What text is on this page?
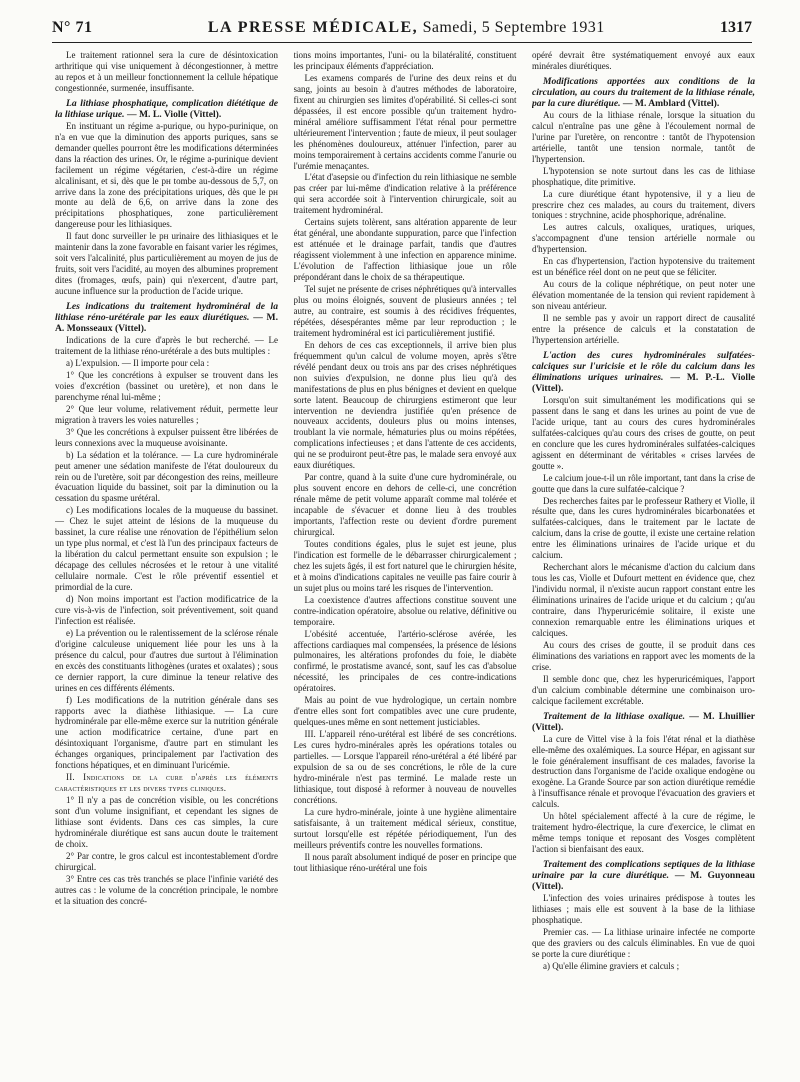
N° 71	LA PRESSE MÉDICALE, Samedi, 5 Septembre 1931	1317

Le traitement rationnel sera la cure de désintoxication arthritique qui vise uniquement à décongestionner, à mettre au repos et à un meilleur fonctionnement la cellule hépatique congestionnée, surmenée, insuffisante.

La lithiase phosphatique, complication diététique de la lithiase urique. — M. L. Violle (Vittel).

En instituant un régime a-purique, ou hypo-purinique, on n'a en vue que la diminution des apports puriques, sans se demander quelles pourront être les modifications déterminées dans la réaction des urines. Or, le régime a-purinique devient facilement un régime végétarien, c'est-à-dire un régime alcalinisant, et si, dès que le pн tombe au-dessous de 5,7, on arrive dans la zone des précipitations uriques, dès que le pн monte au delà de 6,6, on arrive dans la zone des précipitations phosphatiques, zone particulièrement dangereuse pour les lithiasiques.

Il faut donc surveiller le pн urinaire des lithiasiques et le maintenir dans la zone favorable en faisant varier les régimes, soit vers l'alcalinité, plus particulièrement au moyen de jus de fruits, soit vers l'acidité, au moyen des albumines proprement dites (fromages, œufs, pain) qui n'exercent, d'autre part, aucune influence sur la production de l'acide urique.

Les indications du traitement hydrominéral de la lithiase réno-urétérale par les eaux diurétiques. — M. A. Monsseaux (Vittel).

Indications de la cure d'après le but recherché. — Le traitement de la lithiase réno-urétérale a des buts multiples :

a) L'expulsion. — Il importe pour cela :

1° Que les concrétions à expulser se trouvent dans les voies d'excrétion (bassinet ou uretère), et non dans le parenchyme rénal lui-même ;

2° Que leur volume, relativement réduit, permette leur migration à travers les voies naturelles ;

3° Que les concrétions à expulser puissent être libérées de leurs connexions avec la muqueuse avoisinante.

b) La sédation et la tolérance. — La cure hydrominérale peut amener une sédation manifeste de l'état douloureux du rein ou de l'uretère, soit par décongestion des reins, meilleure évacuation liquide du bassinet, soit par la diminution ou la cessation du spasme urétéral.

c) Les modifications locales de la muqueuse du bassinet. — Chez le sujet atteint de lésions de la muqueuse du bassinet, la cure réalise une rénovation de l'épithélium selon un type plus normal, et c'est là l'un des principaux facteurs de la libération du calcul permettant ensuite son expulsion ; le décapage des cellules nécrosées et le retour à une vitalité cellulaire normale. C'est le rôle préventif essentiel et primordial de la cure.

d) Non moins important est l'action modificatrice de la cure vis-à-vis de l'infection, soit préventivement, soit quand l'infection est réalisée.

e) La prévention ou le ralentissement de la sclérose rénale d'origine calculeuse uniquement liée pour les uns à la présence du calcul, pour d'autres due surtout à l'élimination en excès des constituants lithogènes (urates et oxalates) ; sous ce dernier rapport, la cure diminue la teneur relative des urines en ces différents éléments.

f) Les modifications de la nutrition générale dans ses rapports avec la diathèse lithiasique. — La cure hydrominérale par elle-même exerce sur la nutrition générale une action modificatrice certaine, d'une part en désintoxiquant l'organisme, d'autre part en stimulant les échanges organiques, principalement par l'activation des fonctions hépatiques, et en diminuant l'uricémie.

II. Indications de la cure d'après les éléments caractéristiques et les divers types cliniques.

1° Il n'y a pas de concrétion visible, ou les concrétions sont d'un volume insignifiant, et cependant les signes de lithiase sont évidents. Dans ces cas simples, la cure hydrominérale diurétique est sans aucun doute le traitement de choix.

2° Par contre, le gros calcul est incontestablement d'ordre chirurgical.

3° Entre ces cas très tranchés se place l'infinie variété des autres cas : le volume de la concrétion principale, le nombre et la situation des concré-

tions moins importantes, l'uni- ou la bilatéralité, constituent les principaux éléments d'appréciation.

Les examens comparés de l'urine des deux reins et du sang, joints au besoin à d'autres méthodes de laboratoire, fixent au chirurgien ses limites d'opérabilité. Si celles-ci sont dépassées, il est encore possible qu'un traitement hydro-minéral améliore suffisamment l'état rénal pour permettre ultérieurement l'intervention ; faute de mieux, il peut soulager les phénomènes douloureux, atténuer l'infection, parer au moins temporairement à certains accidents comme l'anurie ou l'urémie menaçantes.

L'état d'asepsie ou d'infection du rein lithiasique ne semble pas créer par lui-même d'indication relative à la préférence qui sera accordée soit à l'intervention chirurgicale, soit au traitement hydrominéral.

Certains sujets tolèrent, sans altération apparente de leur état général, une abondante suppuration, parce que l'infection est atténuée et le drainage parfait, tandis que d'autres réagissent violemment à une infection en apparence minime. L'évolution de l'affection lithiasique joue un rôle prépondérant dans le choix de sa thérapeutique.

Tel sujet ne présente de crises néphrétiques qu'à intervalles plus ou moins éloignés, souvent de plusieurs années ; tel autre, au contraire, est soumis à des récidives fréquentes, répétées, désespérantes même par leur reproduction ; le traitement hydrominéral est ici particulièrement justifié.

En dehors de ces cas exceptionnels, il arrive bien plus fréquemment qu'un calcul de volume moyen, après s'être révélé pendant deux ou trois ans par des crises néphrétiques non suivies d'expulsion, ne donne plus lieu qu'à des manifestations de plus en plus bénignes et devient en quelque sorte latent. Beaucoup de chirurgiens estimeront que leur intervention ne deviendra justifiée qu'en présence de nouveaux accidents, douleurs plus ou moins intenses, troublant la vie normale, hématuries plus ou moins répétées, complications infectieuses ; et dans l'attente de ces accidents, qui ne se produiront peut-être pas, le malade sera envoyé aux eaux diurétiques.

Par contre, quand à la suite d'une cure hydrominérale, ou plus souvent encore en dehors de celle-ci, une concrétion rénale même de petit volume apparaît comme mal tolérée et incapable de s'évacuer et donne lieu à des troubles importants, l'affection reste ou devient d'ordre purement chirurgical.

Toutes conditions égales, plus le sujet est jeune, plus l'indication est formelle de le débarrasser chirurgicalement ; chez les sujets âgés, il est fort naturel que le chirurgien hésite, et à moins d'indications capitales ne veuille pas faire courir à un sujet plus ou moins taré les risques de l'intervention.

La coexistence d'autres affections constitue souvent une contre-indication opératoire, absolue ou relative, définitive ou temporaire.

L'obésité accentuée, l'artério-sclérose avérée, les affections cardiaques mal compensées, la présence de lésions pulmonaires, les altérations profondes du foie, le diabète confirmé, le prostatisme avancé, sont, sauf les cas d'absolue nécessité, les principales de ces contre-indications opératoires.

Mais au point de vue hydrologique, un certain nombre d'entre elles sont fort compatibles avec une cure prudente, quelques-unes même en sont nettement justiciables.

III. L'appareil réno-urétéral est libéré de ses concrétions. Les cures hydro-minérales après les opérations totales ou partielles. — Lorsque l'appareil réno-urétéral a été libéré par expulsion de sa ou de ses concrétions, le rôle de la cure hydro-minérale n'est pas terminé. Le malade reste un lithiasique, tout disposé à reformer à nouveau de nouvelles concrétions.

La cure hydro-minérale, jointe à une hygiène alimentaire satisfaisante, à un traitement médical sérieux, constitue, surtout lorsqu'elle est répétée périodiquement, l'un des meilleurs préventifs contre les nouvelles formations.

Il nous paraît absolument indiqué de poser en principe que tout lithiasique réno-urétéral une fois

opéré devrait être systématiquement envoyé aux eaux minérales diurétiques.

Modifications apportées aux conditions de la circulation, au cours du traitement de la lithiase rénale, par la cure diurétique. — M. Amblard (Vittel).

Au cours de la lithiase rénale, lorsque la situation du calcul n'entraîne pas une gêne à l'écoulement normal de l'urine par l'uretère, on rencontre : tantôt de l'hypotension artérielle, tantôt une tension normale, tantôt de l'hypertension.

L'hypotension se note surtout dans les cas de lithiase phosphatique, dite primitive.

La cure diurétique étant hypotensive, il y a lieu de prescrire chez ces malades, au cours du traitement, divers toniques : strychnine, acide phosphorique, adrénaline.

Les autres calculs, oxaliques, uratiques, uriques, s'accompagnent d'une tension artérielle normale ou d'hypertension.

En cas d'hypertension, l'action hypotensive du traitement est un bénéfice réel dont on ne peut que se féliciter.

Au cours de la colique néphrétique, on peut noter une élévation momentanée de la tension qui revient rapidement à son niveau antérieur.

Il ne semble pas y avoir un rapport direct de causalité entre la présence de calculs et la constatation de l'hypertension artérielle.

L'action des cures hydrominérales sulfatées-calciques sur l'uricisie et le rôle du calcium dans les éliminations uriques urinaires. — M. P.-L. Violle (Vittel).

Lorsqu'on suit simultanément les modifications qui se passent dans le sang et dans les urines au point de vue de l'acide urique, tant au cours des cures hydrominérales sulfatées-calciques qu'au cours des crises de goutte, on peut en conclure que les cures hydrominérales sulfatées-calciques agissent en déterminant de véritables « crises larvées de goutte ».

Le calcium joue-t-il un rôle important, tant dans la crise de goutte que dans la cure sulfatée-calcique ?

Des recherches faites par le professeur Rathery et Violle, il résulte que, dans les cures hydrominérales bicarbonatées et sulfatées-calciques, dans le traitement par le lactate de calcium, dans la crise de goutte, il existe une certaine relation entre les éliminations urinaires de l'acide urique et du calcium.

Recherchant alors le mécanisme d'action du calcium dans tous les cas, Violle et Dufourt mettent en évidence que, chez l'individu normal, il n'existe aucun rapport constant entre les éliminations urinaires de l'acide urique et du calcium ; qu'au contraire, dans l'hyperuricémie solitaire, il existe une connexion remarquable entre les éliminations uriques et calciques.

Au cours des crises de goutte, il se produit dans ces éliminations des variations en rapport avec les moments de la crise.

Il semble donc que, chez les hyperuricémiques, l'apport d'un calcium combinable détermine une combinaison uro-calcique facilement excrétable.

Traitement de la lithiase oxalique. — M. Lhuillier (Vittel).

La cure de Vittel vise à la fois l'état rénal et la diathèse elle-même des oxalémiques. La source Hépar, en agissant sur le foie généralement insuffisant de ces malades, favorise la destruction dans l'organisme de l'acide oxalique endogène ou exogène. La Grande Source par son action diurétique remédie à l'insuffisance rénale et provoque l'évacuation des graviers et calculs.

Un hôtel spécialement affecté à la cure de régime, le traitement hydro-électrique, la cure d'exercice, le climat en même temps tonique et reposant des Vosges complètent l'action si bienfaisant des eaux.

Traitement des complications septiques de la lithiase urinaire par la cure diurétique. — M. Guyonneau (Vittel).

L'infection des voies urinaires prédispose à toutes les lithiases ; mais elle est souvent à la base de la lithiase phosphatique.

Premier cas. — La lithiase urinaire infectée ne comporte que des graviers ou des calculs éliminables. En vue de quoi se porte la cure diurétique :

a) Qu'elle élimine graviers et calculs ;
